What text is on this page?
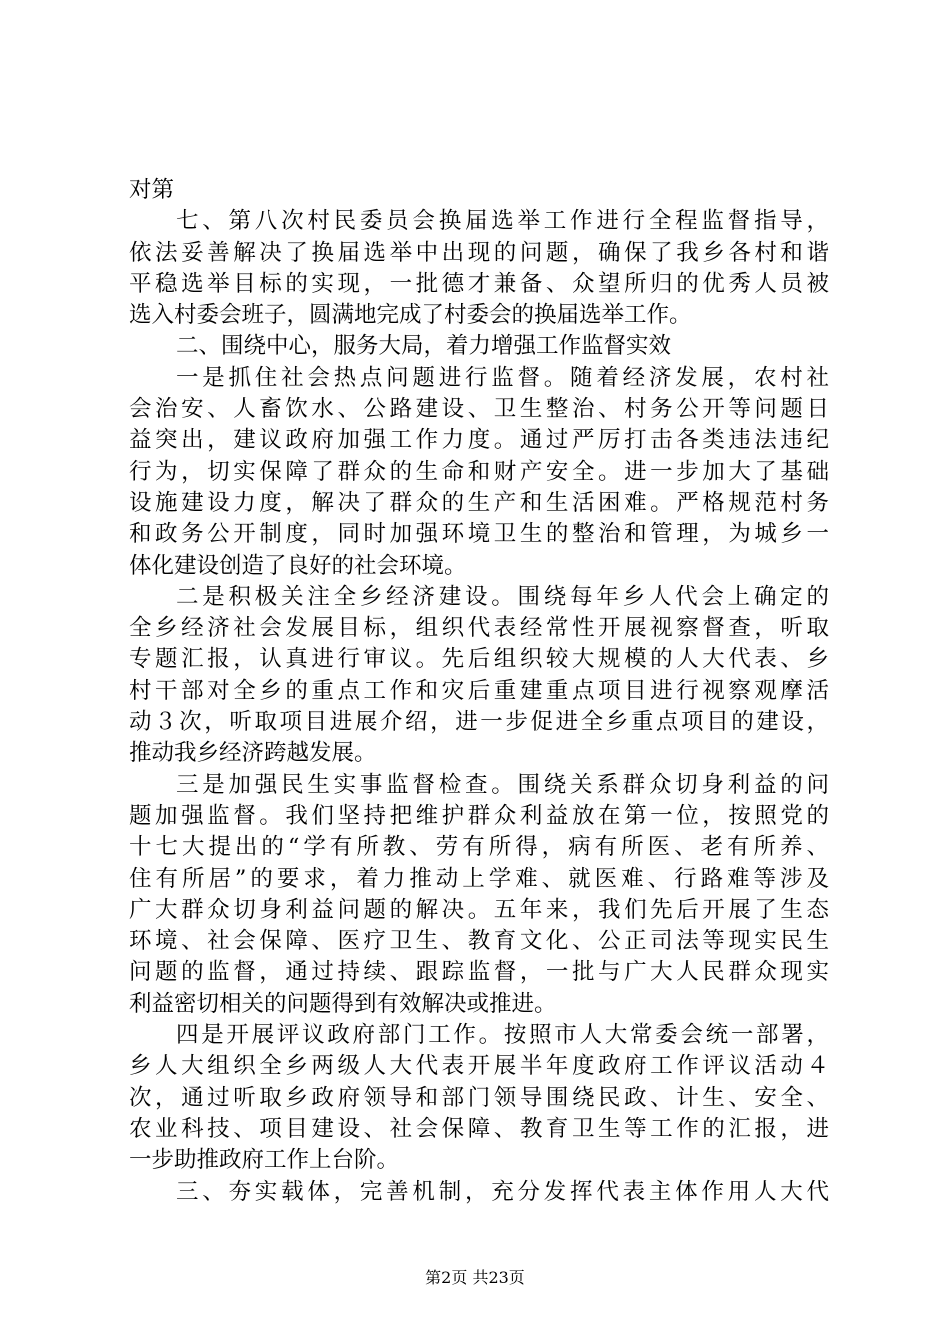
对第
七、第八次村民委员会换届选举工作进行全程监督指导，
依法妥善解决了换届选举中出现的问题，确保了我乡各村和谐
平稳选举目标的实现，一批德才兼备、众望所归的优秀人员被
选入村委会班子，圆满地完成了村委会的换届选举工作。
二、围绕中心，服务大局，着力增强工作监督实效
一是抓住社会热点问题进行监督。随着经济发展，农村社
会治安、人畜饮水、公路建设、卫生整治、村务公开等问题日
益突出，建议政府加强工作力度。通过严厉打击各类违法违纪
行为，切实保障了群众的生命和财产安全。进一步加大了基础
设施建设力度，解决了群众的生产和生活困难。严格规范村务
和政务公开制度，同时加强环境卫生的整治和管理，为城乡一
体化建设创造了良好的社会环境。
二是积极关注全乡经济建设。围绕每年乡人代会上确定的
全乡经济社会发展目标，组织代表经常性开展视察督查，听取
专题汇报，认真进行审议。先后组织较大规模的人大代表、乡
村干部对全乡的重点工作和灾后重建重点项目进行视察观摩活
动３次，听取项目进展介绍，进一步促进全乡重点项目的建设，
推动我乡经济跨越发展。
三是加强民生实事监督检查。围绕关系群众切身利益的问
题加强监督。我们坚持把维护群众利益放在第一位，按照党的
十七大提出的“学有所教、劳有所得，病有所医、老有所养、
住有所居”的要求，着力推动上学难、就医难、行路难等涉及
广大群众切身利益问题的解决。五年来，我们先后开展了生态
环境、社会保障、医疗卫生、教育文化、公正司法等现实民生
问题的监督，通过持续、跟踪监督，一批与广大人民群众现实
利益密切相关的问题得到有效解决或推进。
四是开展评议政府部门工作。按照市人大常委会统一部署，
乡人大组织全乡两级人大代表开展半年度政府工作评议活动４
次，通过听取乡政府领导和部门领导围绕民政、计生、安全、
农业科技、项目建设、社会保障、教育卫生等工作的汇报，进
一步助推政府工作上台阶。
三、夯实载体，完善机制，充分发挥代表主体作用人大代
第2页 共23页
